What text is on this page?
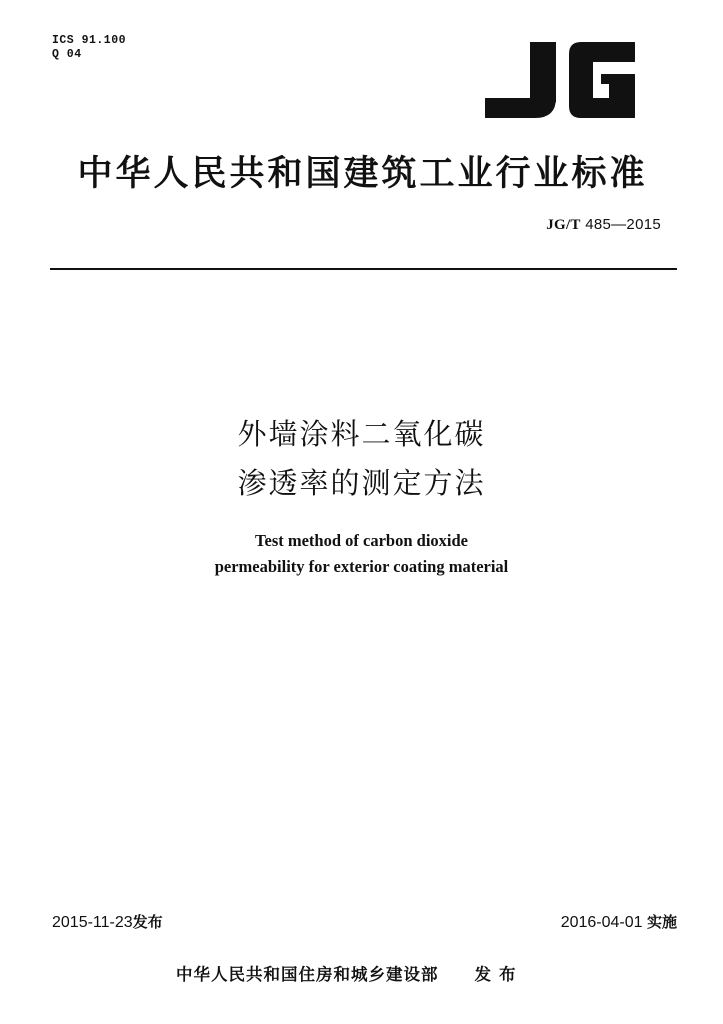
ICS 91.100
Q 04
中华人民共和国建筑工业行业标准
JG/T 485—2015
外墙涂料二氧化碳
渗透率的测定方法
Test method of carbon dioxide
permeability for exterior coating material
2015-11-23发布	2016-04-01 实施
中华人民共和国住房和城乡建设部 发布
